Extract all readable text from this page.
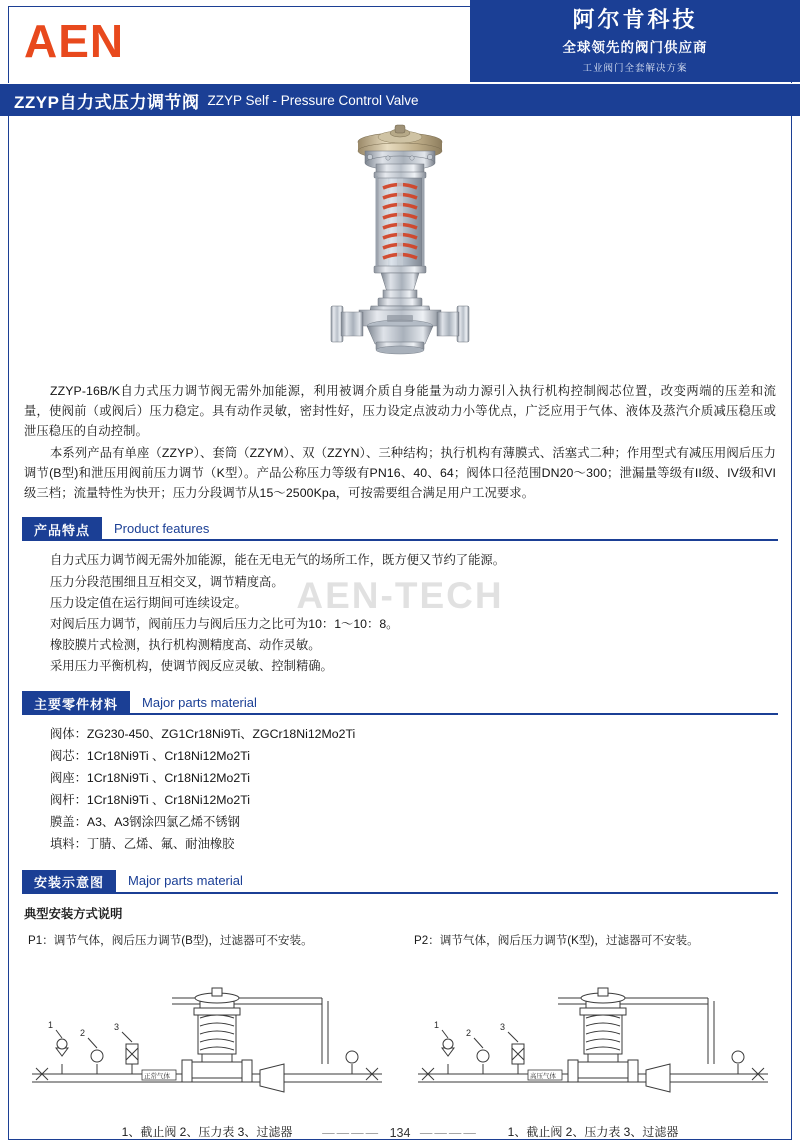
AEN	阿尔肯科技
全球领先的阀门供应商
工业阀门全套解决方案
ZZYP自力式压力调节阀 ZZYP Self - Pressure Control Valve
AEN-TECH

ZZYP-16B/K自力式压力调节阀无需外加能源，利用被调介质自身能量为动力源引入执行机构控制阀芯位置，改变两端的压差和流量，使阀前（或阀后）压力稳定。具有动作灵敏，密封性好，压力设定点波动力小等优点，广泛应用于气体、液体及蒸汽介质减压稳压或泄压稳压的自动控制。

本系列产品有单座（ZZYP）、套筒（ZZYM）、双（ZZYN）、三种结构；执行机构有薄膜式、活塞式二种；作用型式有减压用阀后压力调节(B型)和泄压用阀前压力调节（K型）。产品公称压力等级有PN16、40、64；阀体口径范围DN20～300；泄漏量等级有II级、IV级和VI级三档；流量特性为快开；压力分段调节从15～2500Kpa，可按需要组合满足用户工况要求。

产品特点	Product features
自力式压力调节阀无需外加能源，能在无电无气的场所工作，既方便又节约了能源。
压力分段范围细且互相交叉，调节精度高。
压力设定值在运行期间可连续设定。
对阀后压力调节，阀前压力与阀后压力之比可为10：1～10：8。
橡胶膜片式检测，执行机构测精度高、动作灵敏。
采用压力平衡机构，使调节阀反应灵敏、控制精确。
主要零件材料	Major parts material
阀体：ZG230-450、ZG1Cr18Ni9Ti、ZGCr18Ni12Mo2Ti
阀芯：1Cr18Ni9Ti 、Cr18Ni12Mo2Ti
阀座：1Cr18Ni9Ti 、Cr18Ni12Mo2Ti
阀杆：1Cr18Ni9Ti 、Cr18Ni12Mo2Ti
膜盖：A3、A3钢涂四氯乙烯不锈钢
填料：丁腈、乙烯、氟、耐油橡胶
安装示意图	Major parts material
典型安装方式说明
P1：调节气体，阀后压力调节(B型)，过滤器可不安装。
1
2
3
正常气体
1、截止阀 2、压力表 3、过滤器
P2：调节气体，阀后压力调节(K型)，过滤器可不安装。
1
2
3
高压气体
1、截止阀 2、压力表 3、过滤器
———— 134 ————
